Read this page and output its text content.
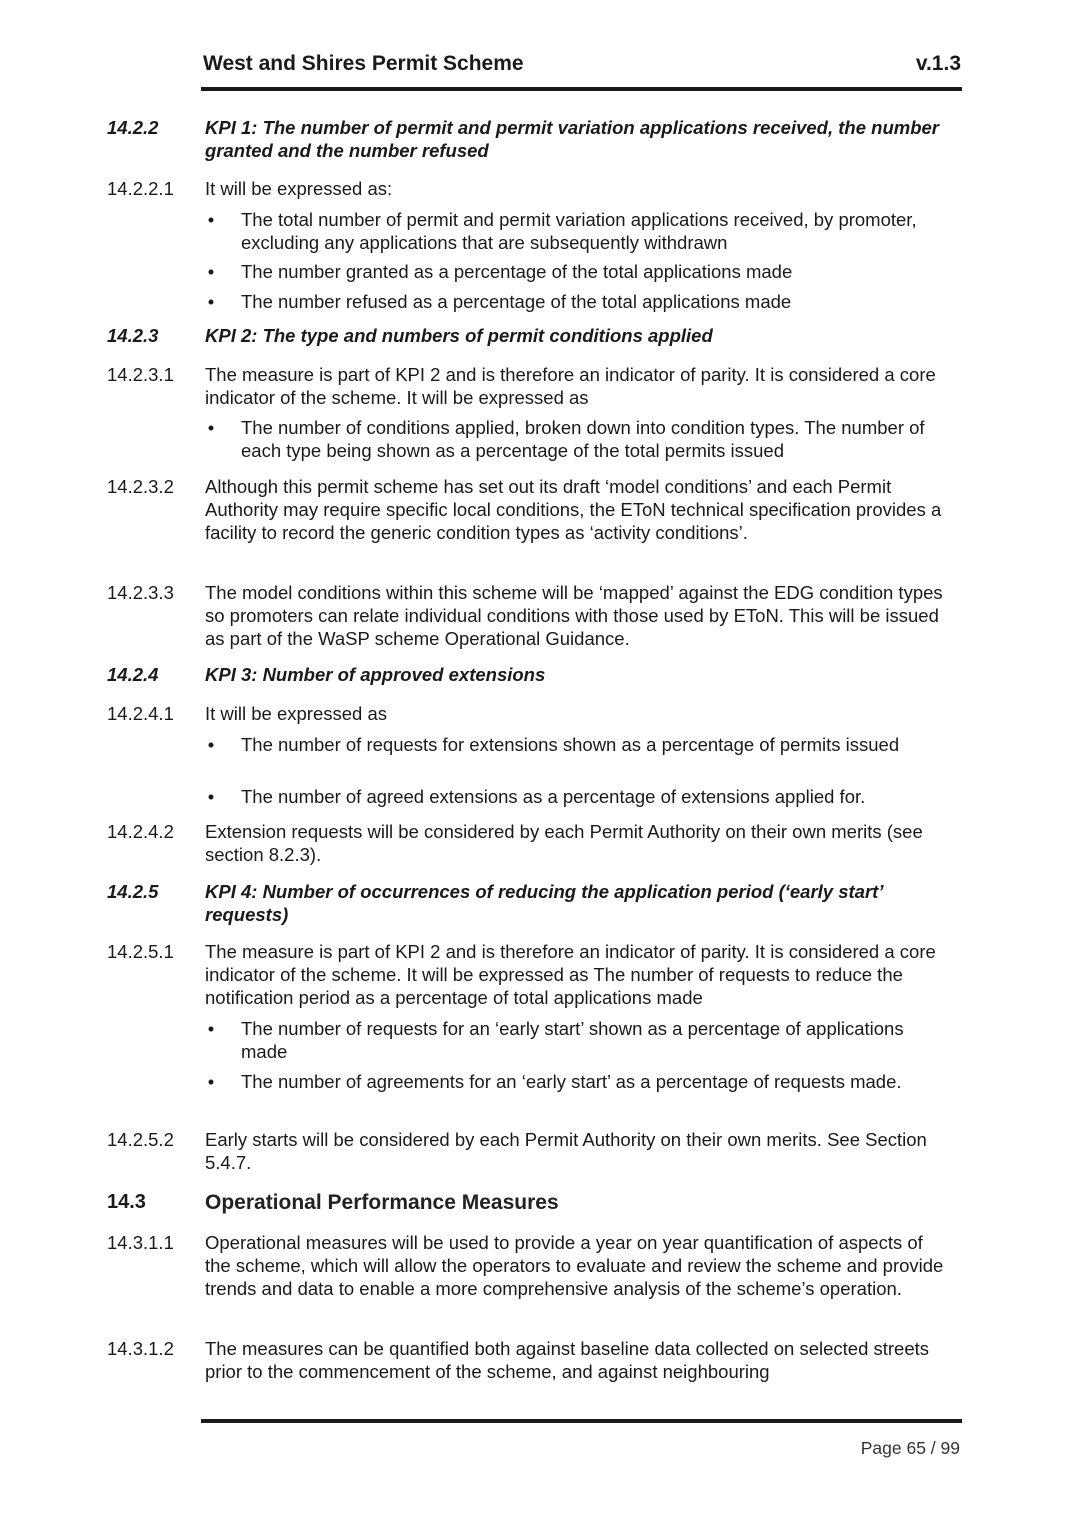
West and Shires Permit Scheme	v.1.3
14.2.2	KPI 1: The number of permit and permit variation applications received, the number granted and the number refused
14.2.2.1 It will be expressed as:
• The total number of permit and permit variation applications received, by promoter, excluding any applications that are subsequently withdrawn
• The number granted as a percentage of the total applications made
• The number refused as a percentage of the total applications made
14.2.3	KPI 2: The type and numbers of permit conditions applied
14.2.3.1 The measure is part of KPI 2 and is therefore an indicator of parity. It is considered a core indicator of the scheme. It will be expressed as
• The number of conditions applied, broken down into condition types. The number of each type being shown as a percentage of the total permits issued
14.2.3.2 Although this permit scheme has set out its draft ‘model conditions’ and each Permit Authority may require specific local conditions, the EToN technical specification provides a facility to record the generic condition types as ‘activity conditions’.
14.2.3.3 The model conditions within this scheme will be ‘mapped’ against the EDG condition types so promoters can relate individual conditions with those used by EToN. This will be issued as part of the WaSP scheme Operational Guidance.
14.2.4	KPI 3: Number of approved extensions
14.2.4.1 It will be expressed as
• The number of requests for extensions shown as a percentage of permits issued
• The number of agreed extensions as a percentage of extensions applied for.
14.2.4.2 Extension requests will be considered by each Permit Authority on their own merits (see section 8.2.3).
14.2.5	KPI 4: Number of occurrences of reducing the application period (‘early start’ requests)
14.2.5.1 The measure is part of KPI 2 and is therefore an indicator of parity. It is considered a core indicator of the scheme. It will be expressed as The number of requests to reduce the notification period as a percentage of total applications made
• The number of requests for an ‘early start’ shown as a percentage of applications made
• The number of agreements for an ‘early start’ as a percentage of requests made.
14.2.5.2 Early starts will be considered by each Permit Authority on their own merits. See Section 5.4.7.
14.3	Operational Performance Measures
14.3.1.1 Operational measures will be used to provide a year on year quantification of aspects of the scheme, which will allow the operators to evaluate and review the scheme and provide trends and data to enable a more comprehensive analysis of the scheme’s operation.
14.3.1.2 The measures can be quantified both against baseline data collected on selected streets prior to the commencement of the scheme, and against neighbouring
Page 65 / 99
